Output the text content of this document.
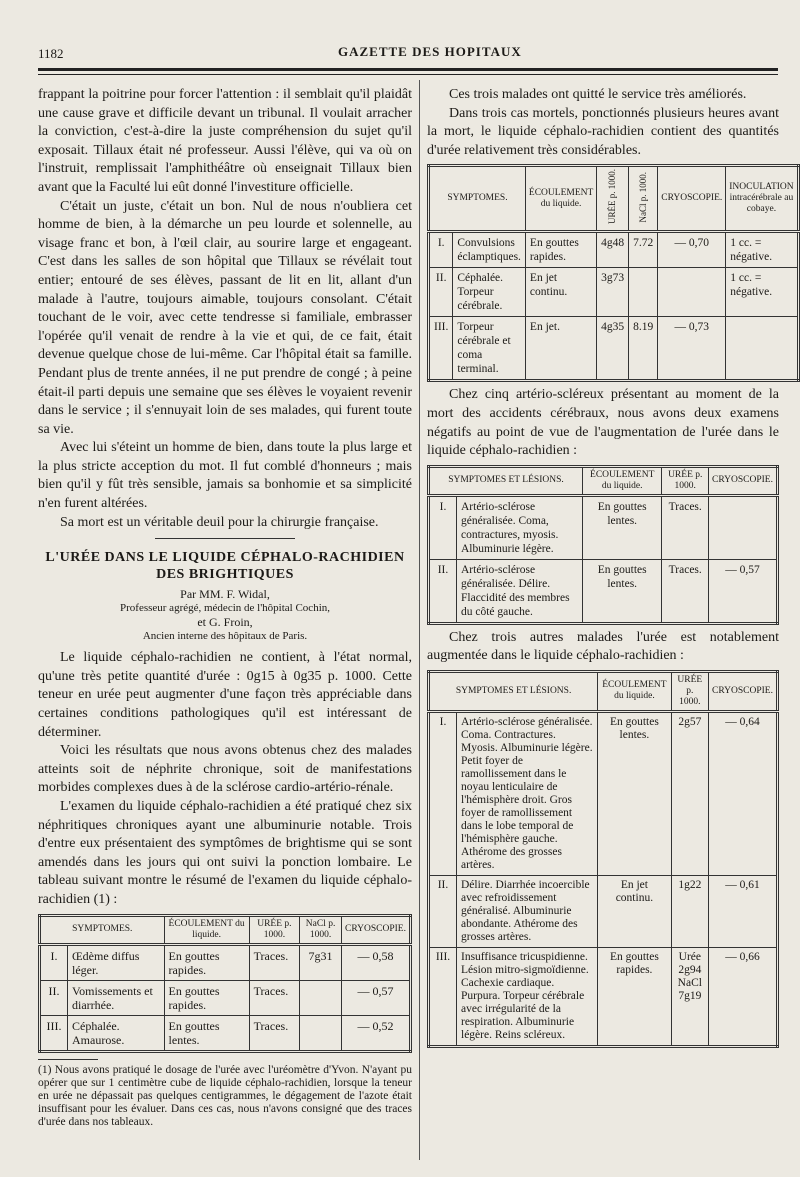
1182	GAZETTE DES HOPITAUX

frappant la poitrine pour forcer l'attention : il semblait qu'il plaidât une cause grave et difficile devant un tribunal. Il voulait arracher la conviction, c'est-à-dire la juste compréhension du sujet qu'il exposait. Tillaux était né professeur. Aussi l'élève, qui va où on l'instruit, remplissait l'amphithéâtre où enseignait Tillaux bien avant que la Faculté lui eût donné l'investiture officielle.

C'était un juste, c'était un bon. Nul de nous n'oubliera cet homme de bien, à la démarche un peu lourde et solennelle, au visage franc et bon, à l'œil clair, au sourire large et engageant. C'est dans les salles de son hôpital que Tillaux se révélait tout entier; entouré de ses élèves, passant de lit en lit, allant d'un malade à l'autre, toujours aimable, toujours consolant. C'était touchant de le voir, avec cette tendresse si familiale, embrasser l'opérée qu'il venait de rendre à la vie et qui, de ce fait, était devenue quelque chose de lui-même. Car l'hôpital était sa famille. Pendant plus de trente années, il ne put prendre de congé ; à peine était-il parti depuis une semaine que ses élèves le voyaient revenir dans le service ; il s'ennuyait loin de ses malades, qui furent toute sa vie.

Avec lui s'éteint un homme de bien, dans toute la plus large et la plus stricte acception du mot. Il fut comblé d'honneurs ; mais bien qu'il y fût très sensible, jamais sa bonhomie et sa simplicité n'en furent altérées.

Sa mort est un véritable deuil pour la chirurgie française.

L'URÉE DANS LE LIQUIDE CÉPHALO-RACHIDIEN
DES BRIGHTIQUES
Par MM. F. Widal,
Professeur agrégé, médecin de l'hôpital Cochin,
et G. Froin,
Ancien interne des hôpitaux de Paris.

Le liquide céphalo-rachidien ne contient, à l'état normal, qu'une très petite quantité d'urée : 0g15 à 0g35 p. 1000. Cette teneur en urée peut augmenter d'une façon très appréciable dans certaines conditions pathologiques qu'il est intéressant de déterminer.

Voici les résultats que nous avons obtenus chez des malades atteints soit de néphrite chronique, soit de manifestations morbides complexes dues à de la sclérose cardio-artério-rénale.

L'examen du liquide céphalo-rachidien a été pratiqué chez six néphritiques chroniques ayant une albuminurie notable. Trois d'entre eux présentaient des symptômes de brightisme qui se sont amendés dans les jours qui ont suivi la ponction lombaire. Le tableau suivant montre le résumé de l'examen du liquide céphalo-rachidien (1) :

SYMPTOMES.		ÉCOULEMENT du liquide.	URÉE p. 1000.	NaCl p. 1000.	CRYOSCOPIE.
I.	Œdème diffus léger.	En gouttes rapides.	Traces.	7g31	— 0,58
II.	Vomissements et diarrhée.	En gouttes rapides.	Traces.		— 0,57
III.	Céphalée. Amaurose.	En gouttes lentes.	Traces.		— 0,52

(1) Nous avons pratiqué le dosage de l'urée avec l'uréomètre d'Yvon. N'ayant pu opérer que sur 1 centimètre cube de liquide céphalo-rachidien, lorsque la teneur en urée ne dépassait pas quelques centigrammes, le dégagement de l'azote était insuffisant pour les évaluer. Dans ces cas, nous n'avons consigné que des traces d'urée dans nos tableaux.

Ces trois malades ont quitté le service très améliorés.

Dans trois cas mortels, ponctionnés plusieurs heures avant la mort, le liquide céphalo-rachidien contient des quantités d'urée relativement très considérables.

SYMPTOMES.		ÉCOULEMENT du liquide.	URÉE p. 1000.	NaCl p. 1000.	CRYOSCOPIE.	INOCULATION intracérébrale au cobaye.
I.	Convulsions éclamptiques.	En gouttes rapides.	4g48	7.72	— 0,70	1 cc. = négative.
II.	Céphalée. Torpeur cérébrale.	En jet continu.	3g73			1 cc. = négative.
III.	Torpeur cérébrale et coma terminal.	En jet.	4g35	8.19	— 0,73	

Chez cinq artério-scléreux présentant au moment de la mort des accidents cérébraux, nous avons deux examens négatifs au point de vue de l'augmentation de l'urée dans le liquide céphalo-rachidien :

SYMPTOMES ET LÉSIONS.		ÉCOULEMENT du liquide.	URÉE p. 1000.	CRYOSCOPIE.
I.	Artério-sclérose généralisée. Coma, contractures, myosis. Albuminurie légère.	En gouttes lentes.	Traces.	
II.	Artério-sclérose généralisée. Délire. Flaccidité des membres du côté gauche.	En gouttes lentes.	Traces.	— 0,57

Chez trois autres malades l'urée est notablement augmentée dans le liquide céphalo-rachidien :

SYMPTOMES ET LÉSIONS.		ÉCOULEMENT du liquide.	URÉE p. 1000.	CRYOSCOPIE.
I.	Artério-sclérose généralisée. Coma. Contractures. Myosis. Albuminurie légère. Petit foyer de ramollissement dans le noyau lenticulaire de l'hémisphère droit. Gros foyer de ramollissement dans le lobe temporal de l'hémisphère gauche. Athérome des grosses artères.	En gouttes lentes.	2g57	— 0,64
II.	Délire. Diarrhée incoercible avec refroidissement généralisé. Albuminurie abondante. Athérome des grosses artères.	En jet continu.	1g22	— 0,61
III.	Insuffisance tricuspidienne. Lésion mitro-sigmoïdienne. Cachexie cardiaque. Purpura. Torpeur cérébrale avec irrégularité de la respiration. Albuminurie légère. Reins scléreux.	En gouttes rapides.	Urée 2g94 NaCl 7g19	— 0,66
